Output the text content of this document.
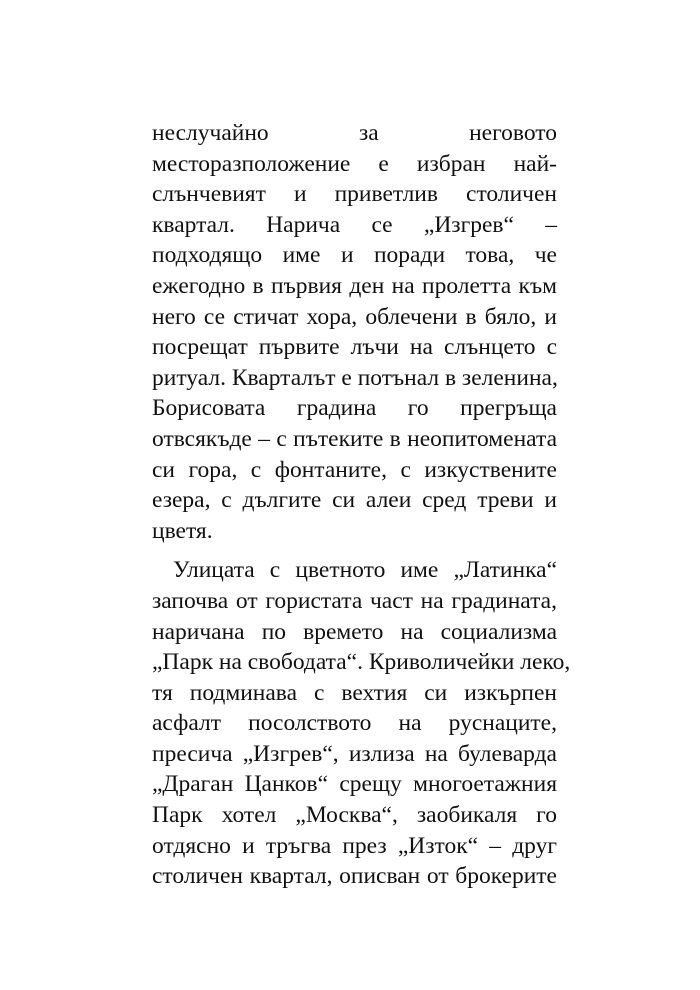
неслучайно за неговото
месторазположение е избран най-
слънчевият и приветлив столичен
квартал. Нарича се „Изгрев“ –
подходящо име и поради това, че
ежегодно в първия ден на пролетта към
него се стичат хора, облечени в бяло, и
посрещат първите лъчи на слънцето с
ритуал. Кварталът е потънал в зеленина,
Борисовата градина го прегръща
отвсякъде – с пътеките в неопитомената
си гора, с фонтаните, с изкуствените
езера, с дългите си алеи сред треви и
цветя.
Улицата с цветното име „Латинка“
започва от гористата част на градината,
наричана по времето на социализма
„Парк на свободата“. Криволичейки леко,
тя подминава с вехтия си изкърпен
асфалт посолството на руснаците,
пресича „Изгрев“, излиза на булеварда
„Драган Цанков“ срещу многоетажния
Парк хотел „Москва“, заобикаля го
отдясно и тръгва през „Изток“ – друг
столичен квартал, описван от брокерите
